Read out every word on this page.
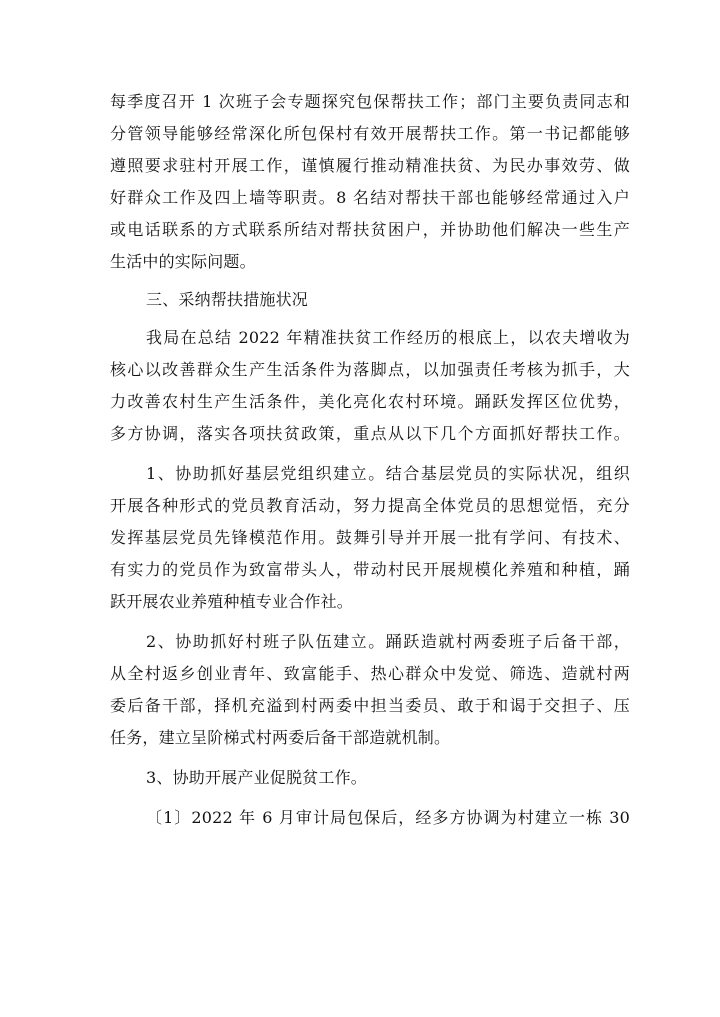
每季度召开 1 次班子会专题探究包保帮扶工作；部门主要负责同志和
分管领导能够经常深化所包保村有效开展帮扶工作。第一书记都能够
遵照要求驻村开展工作，谨慎履行推动精准扶贫、为民办事效劳、做
好群众工作及四上墙等职责。8 名结对帮扶干部也能够经常通过入户
或电话联系的方式联系所结对帮扶贫困户，并协助他们解决一些生产
生活中的实际问题。
三、采纳帮扶措施状况
我局在总结 2022 年精准扶贫工作经历的根底上，以农夫增收为
核心以改善群众生产生活条件为落脚点，以加强责任考核为抓手，大
力改善农村生产生活条件，美化亮化农村环境。踊跃发挥区位优势，
多方协调，落实各项扶贫政策，重点从以下几个方面抓好帮扶工作。
1、协助抓好基层党组织建立。结合基层党员的实际状况，组织
开展各种形式的党员教育活动，努力提高全体党员的思想觉悟，充分
发挥基层党员先锋模范作用。鼓舞引导并开展一批有学问、有技术、
有实力的党员作为致富带头人，带动村民开展规模化养殖和种植，踊
跃开展农业养殖种植专业合作社。
2、协助抓好村班子队伍建立。踊跃造就村两委班子后备干部，
从全村返乡创业青年、致富能手、热心群众中发觉、筛选、造就村两
委后备干部，择机充溢到村两委中担当委员、敢于和谒于交担子、压
任务，建立呈阶梯式村两委后备干部造就机制。
3、协助开展产业促脱贫工作。
〔1〕2022 年 6 月审计局包保后，经多方协调为村建立一栋 30
